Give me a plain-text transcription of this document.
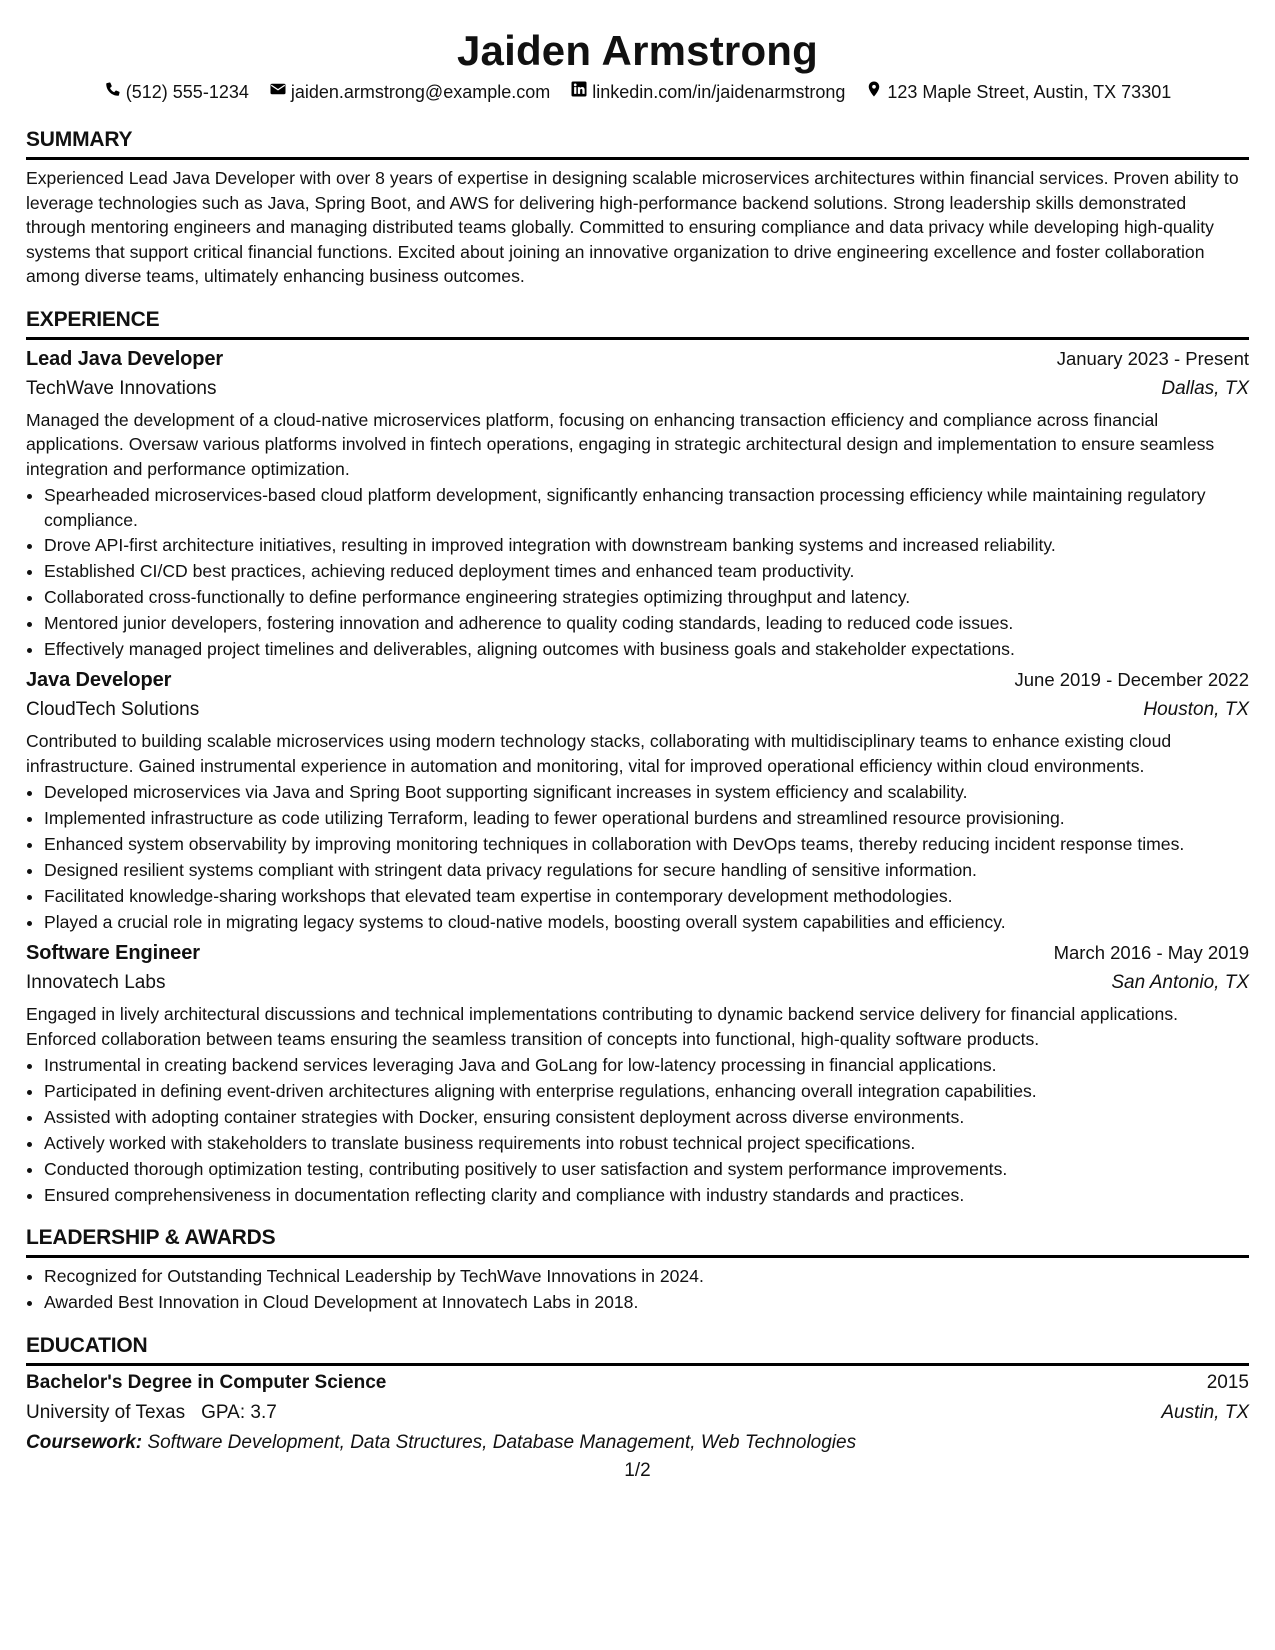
Jaiden Armstrong
(512) 555-1234 jaiden.armstrong@example.com linkedin.com/in/jaidenarmstrong 123 Maple Street, Austin, TX 73301
SUMMARY
Experienced Lead Java Developer with over 8 years of expertise in designing scalable microservices architectures within financial services. Proven ability to leverage technologies such as Java, Spring Boot, and AWS for delivering high-performance backend solutions. Strong leadership skills demonstrated through mentoring engineers and managing distributed teams globally. Committed to ensuring compliance and data privacy while developing high-quality systems that support critical financial functions. Excited about joining an innovative organization to drive engineering excellence and foster collaboration among diverse teams, ultimately enhancing business outcomes.
EXPERIENCE
Lead Java Developer	January 2023 - Present
TechWave Innovations	Dallas, TX
Managed the development of a cloud-native microservices platform, focusing on enhancing transaction efficiency and compliance across financial applications. Oversaw various platforms involved in fintech operations, engaging in strategic architectural design and implementation to ensure seamless integration and performance optimization.
• Spearheaded microservices-based cloud platform development, significantly enhancing transaction processing efficiency while maintaining regulatory compliance.
• Drove API-first architecture initiatives, resulting in improved integration with downstream banking systems and increased reliability.
• Established CI/CD best practices, achieving reduced deployment times and enhanced team productivity.
• Collaborated cross-functionally to define performance engineering strategies optimizing throughput and latency.
• Mentored junior developers, fostering innovation and adherence to quality coding standards, leading to reduced code issues.
• Effectively managed project timelines and deliverables, aligning outcomes with business goals and stakeholder expectations.
Java Developer	June 2019 - December 2022
CloudTech Solutions	Houston, TX
Contributed to building scalable microservices using modern technology stacks, collaborating with multidisciplinary teams to enhance existing cloud infrastructure. Gained instrumental experience in automation and monitoring, vital for improved operational efficiency within cloud environments.
• Developed microservices via Java and Spring Boot supporting significant increases in system efficiency and scalability.
• Implemented infrastructure as code utilizing Terraform, leading to fewer operational burdens and streamlined resource provisioning.
• Enhanced system observability by improving monitoring techniques in collaboration with DevOps teams, thereby reducing incident response times.
• Designed resilient systems compliant with stringent data privacy regulations for secure handling of sensitive information.
• Facilitated knowledge-sharing workshops that elevated team expertise in contemporary development methodologies.
• Played a crucial role in migrating legacy systems to cloud-native models, boosting overall system capabilities and efficiency.
Software Engineer	March 2016 - May 2019
Innovatech Labs	San Antonio, TX
Engaged in lively architectural discussions and technical implementations contributing to dynamic backend service delivery for financial applications. Enforced collaboration between teams ensuring the seamless transition of concepts into functional, high-quality software products.
• Instrumental in creating backend services leveraging Java and GoLang for low-latency processing in financial applications.
• Participated in defining event-driven architectures aligning with enterprise regulations, enhancing overall integration capabilities.
• Assisted with adopting container strategies with Docker, ensuring consistent deployment across diverse environments.
• Actively worked with stakeholders to translate business requirements into robust technical project specifications.
• Conducted thorough optimization testing, contributing positively to user satisfaction and system performance improvements.
• Ensured comprehensiveness in documentation reflecting clarity and compliance with industry standards and practices.
LEADERSHIP & AWARDS
• Recognized for Outstanding Technical Leadership by TechWave Innovations in 2024.
• Awarded Best Innovation in Cloud Development at Innovatech Labs in 2018.
EDUCATION
Bachelor's Degree in Computer Science	2015
University of Texas GPA: 3.7	Austin, TX
Coursework: Software Development, Data Structures, Database Management, Web Technologies
1/2
